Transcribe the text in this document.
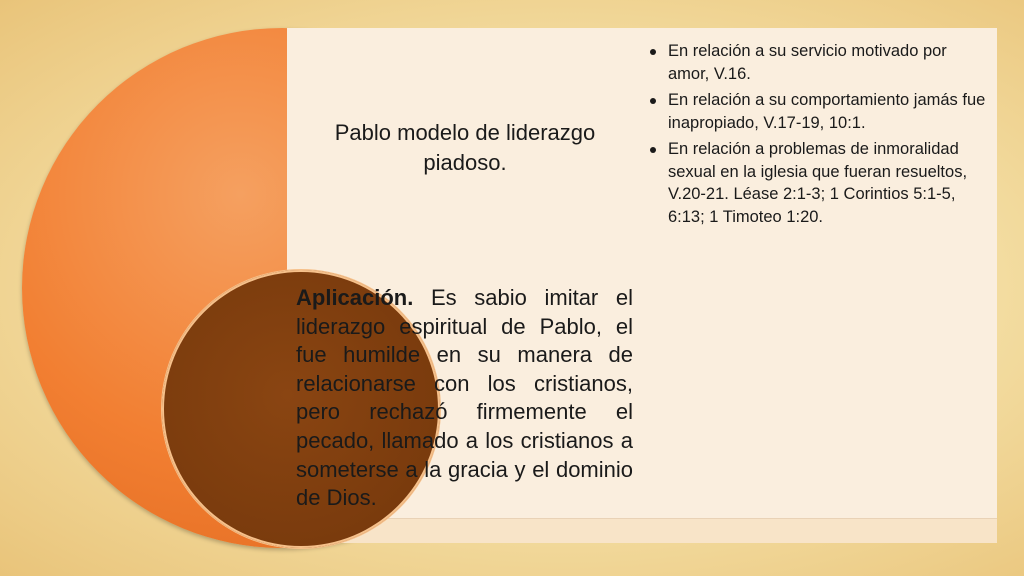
Pablo modelo de liderazgo piadoso.
En relación a su servicio motivado por amor, V.16.
En relación a su comportamiento jamás fue inapropiado, V.17-19, 10:1.
En relación a problemas de inmoralidad sexual en la iglesia que fueran resueltos, V.20-21. Léase 2:1-3; 1 Corintios 5:1-5, 6:13; 1 Timoteo 1:20.
Aplicación. Es sabio imitar el liderazgo espiritual de Pablo, el fue humilde en su manera de relacionarse con los cristianos, pero rechazó firmemente el pecado, llamado a los cristianos a someterse a la gracia y el dominio de Dios.
